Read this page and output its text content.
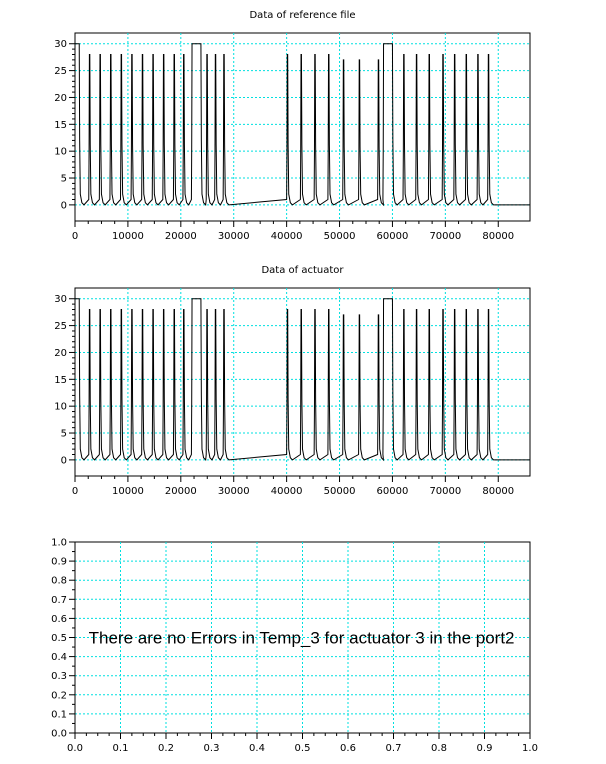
Data of reference file
0	10000 20000 30000 40000 50000 60000 70000 80000
0
5
10
15
20
25
30
Data of actuator
0	10000 20000 30000 40000 50000 60000 70000 80000
0
5
10
15
20
25
30
0.0	0.1	0.2	0.3	0.4	0.5	0.6	0.7	0.8	0.9	1.0
0.0
0.1
0.2
0.3
0.4
0.5
0.6
0.7
0.8
0.9
1.0
There are no Errors in Temp_3 for actuator 3 in the port2
